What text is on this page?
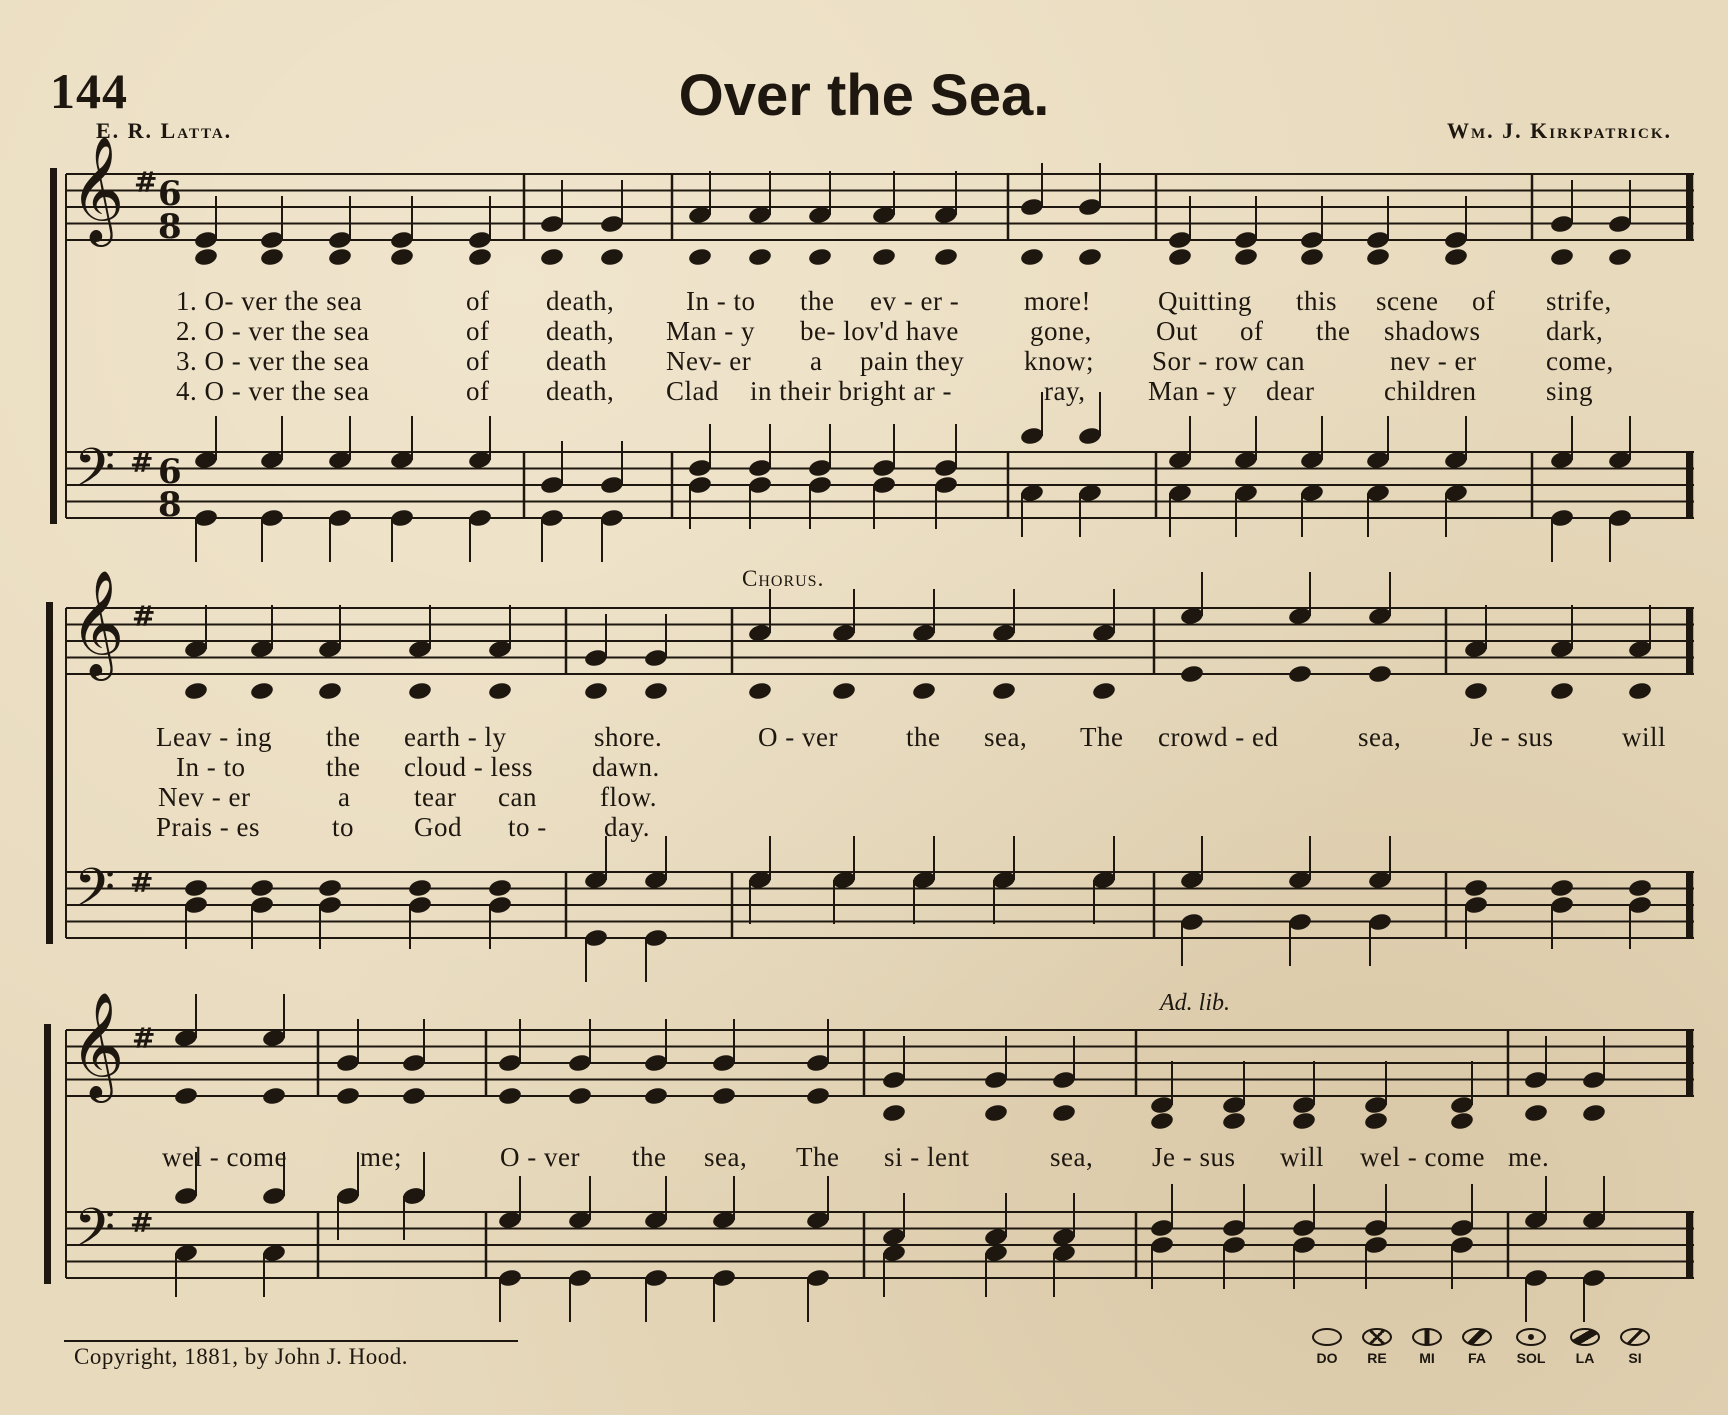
144	Over the Sea.
E. R. Latta.	Wm. J. Kirkpatrick.
𝄞 # 6
8
𝄢 # 6
8
𝄞 #
𝄢 #
𝄞 #
𝄢 #
1. O- ver the sea	of death,	In - to the ev - er - more! Quitting this scene of strife,
2. O - ver the sea	of death, Man - y be- lov'd have	gone, Out of the shadows dark,
3. O - ver the sea	of death Nev- er a pain they know; Sor - row can	nev - er	come,
4. O - ver the sea	of death, Clad in their bright ar -	ray, Man - y dear	children	sing
Chorus.
Leav - ing the earth - ly	shore.	O - ver	the sea, The crowd - ed	sea,	Je - sus	will
In - to	the cloud - less dawn.
Nev - er	a tear can flow.
Prais - es	to God to - day.
Ad. lib.
wel - come	me;	O - ver the sea, The si - lent	sea, Je - sus will wel - come me.
Copyright, 1881, by John J. Hood.	DO	RE	MI	FA	SOL	LA	SI
